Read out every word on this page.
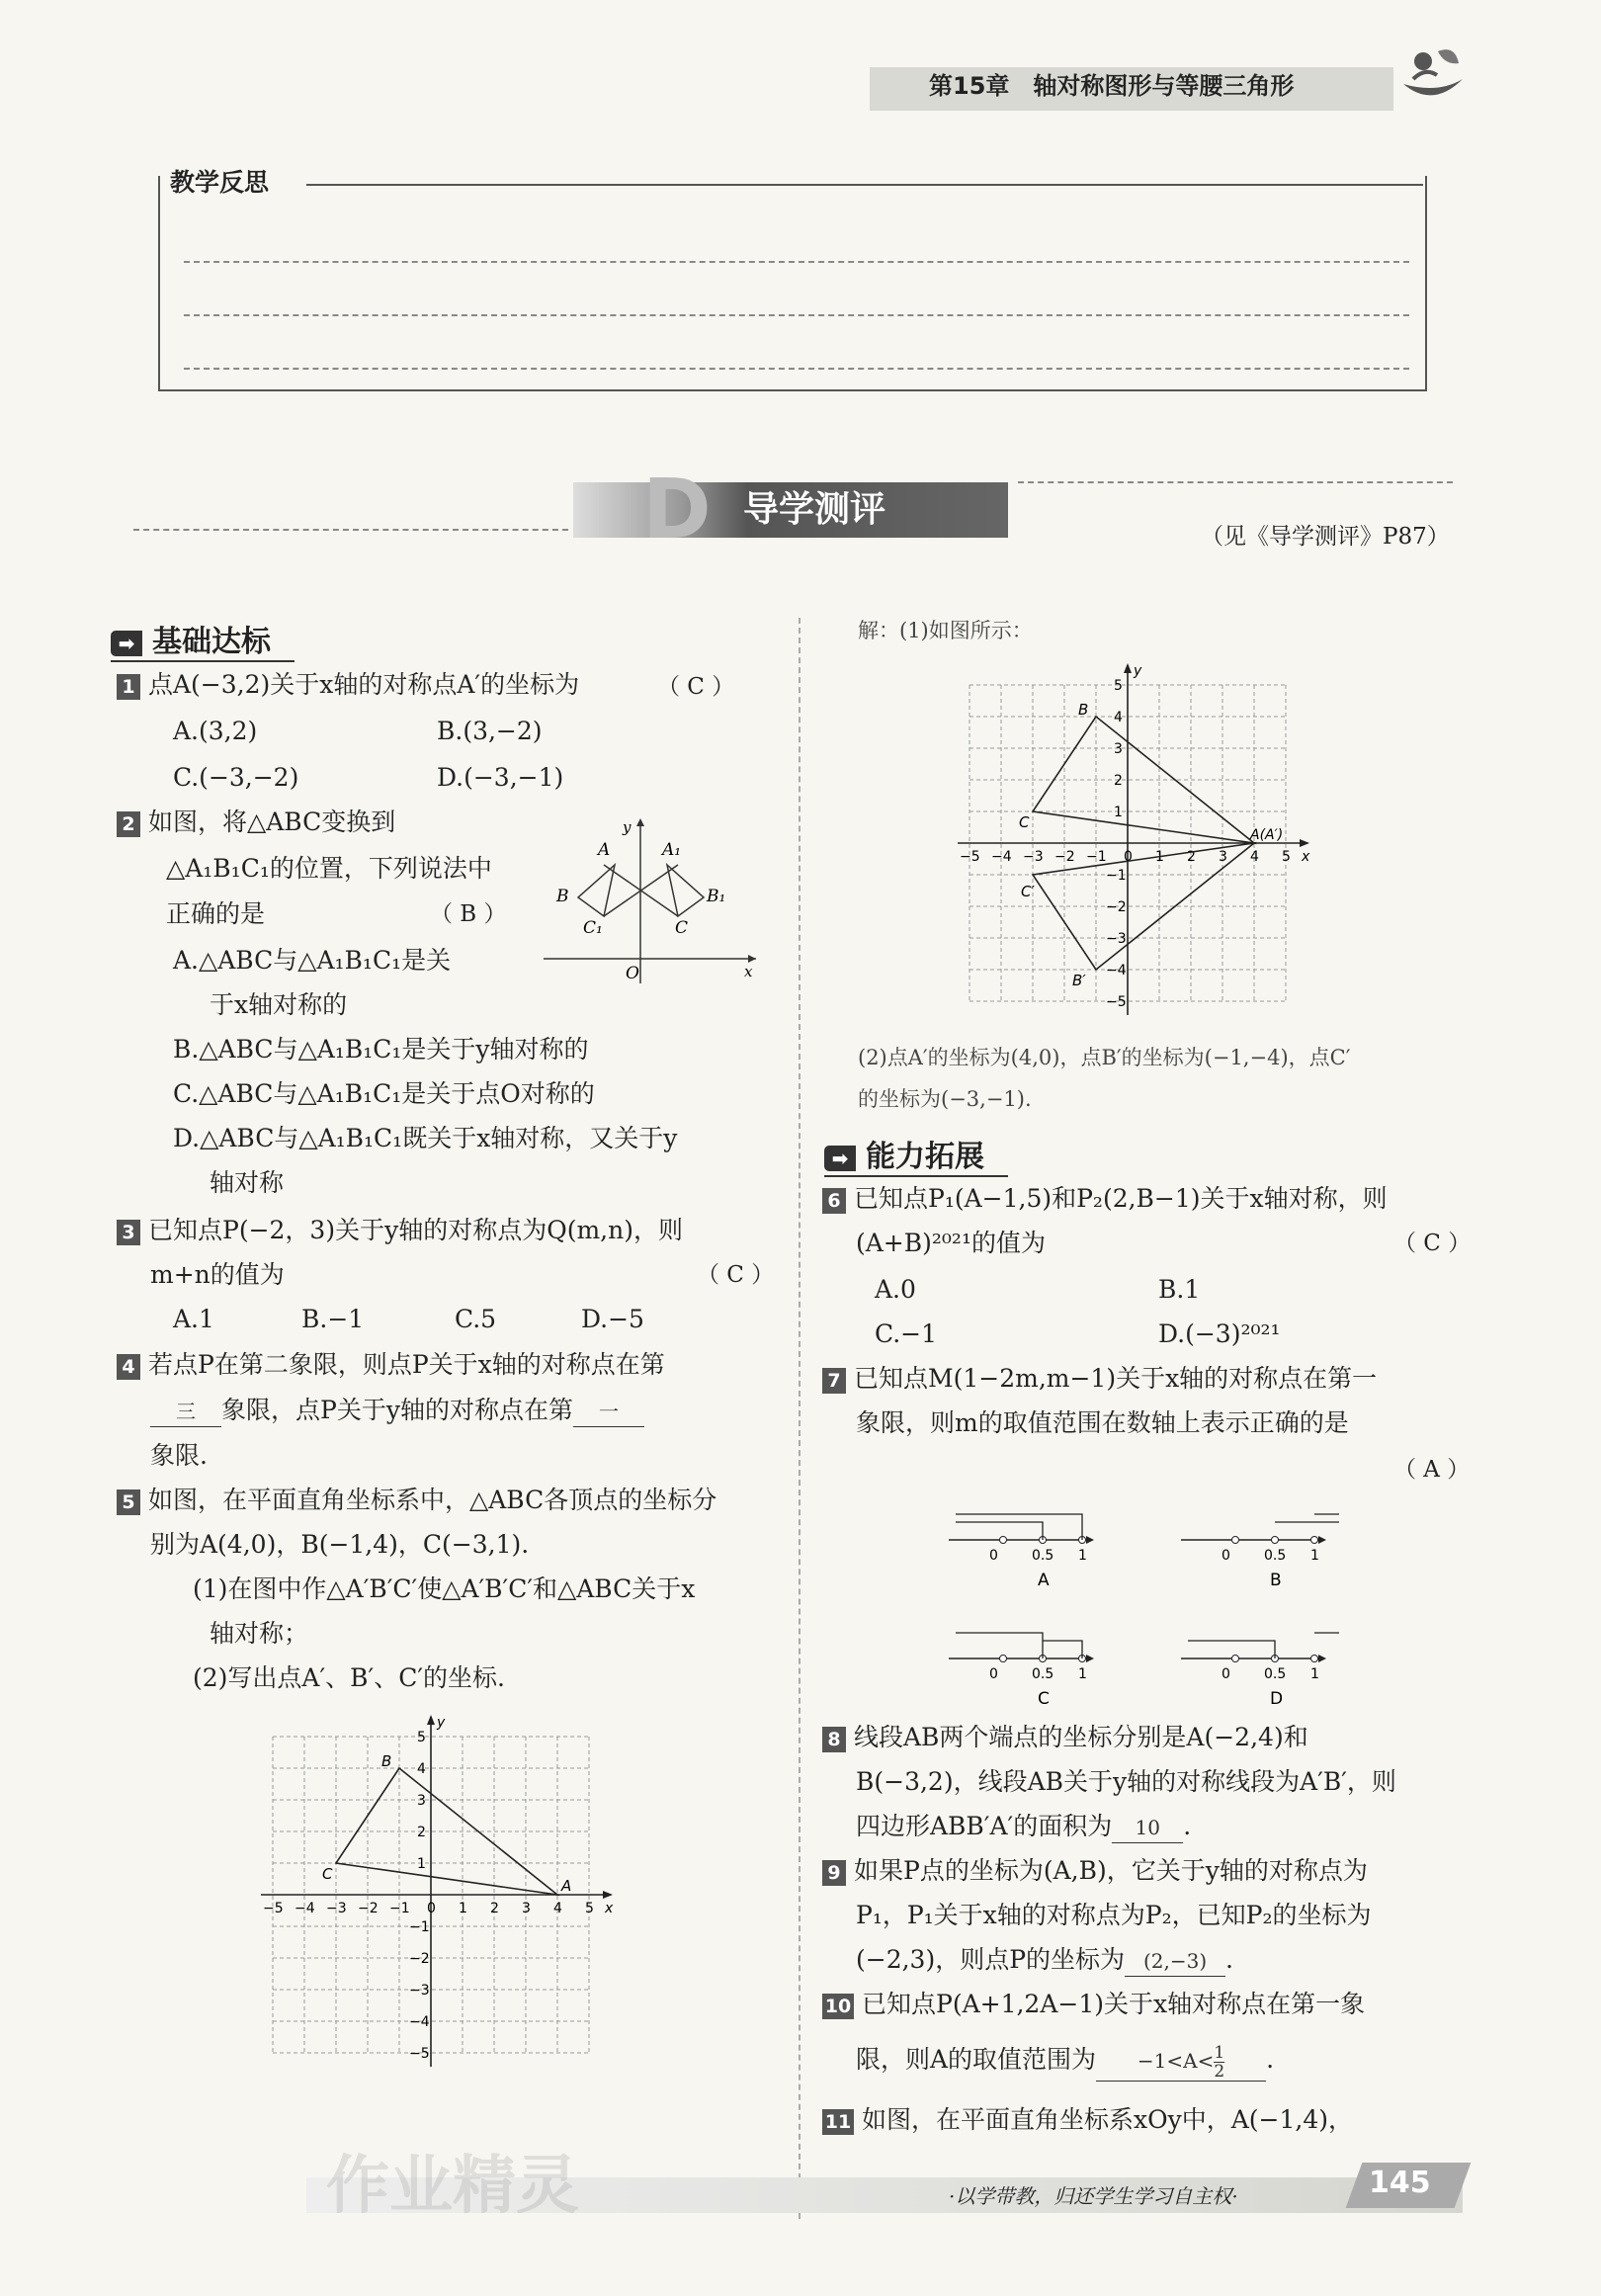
第15章　轴对称图形与等腰三角形
教学反思
D 导学测评
（见《导学测评》P87）
➡ 基础达标
1 点A(−3,2)关于x轴的对称点A′的坐标为	（ C ）
A.(3,2)	B.(3,−2)
C.(−3,−2)	D.(−3,−1)
2 如图，将△ABC变换到
△A₁B₁C₁的位置，下列说法中
正确的是	（ B ）
A	A₁
B	B₁
C₁	C
O	x
y
A.△ABC与△A₁B₁C₁是关
于x轴对称的
B.△ABC与△A₁B₁C₁是关于y轴对称的
C.△ABC与△A₁B₁C₁是关于点O对称的
D.△ABC与△A₁B₁C₁既关于x轴对称，又关于y
轴对称
3 已知点P(−2，3)关于y轴的对称点为Q(m,n)，则
m+n的值为	（ C ）
A.1	B.−1	C.5	D.−5
4 若点P在第二象限，则点P关于x轴的对称点在第
三 象限，点P关于y轴的对称点在第 一
象限.
5 如图，在平面直角坐标系中，△ABC各顶点的坐标分
别为A(4,0)，B(−1,4)，C(−3,1).
(1)在图中作△A′B′C′使△A′B′C′和△ABC关于x
轴对称；
(2)写出点A′、B′、C′的坐标.
x
y
−5 −4 −3 −2 −1 0 1 2 3 4 5
5
4
3
2
1
−1
−2
−3
−4
−5
A
B
C
解：(1)如图所示：
x
y
−5 −4 −3 −2 −1 0 1 2 3 4 5
5
4
3
2
1
−1
−2
−3
−4
−5
A(A′)
B
C
B′
C′
(2)点A′的坐标为(4,0)，点B′的坐标为(−1,−4)，点C′
的坐标为(−3,−1).
➡ 能力拓展
6 已知点P₁(A−1,5)和P₂(2,B−1)关于x轴对称，则
(A+B)²⁰²¹的值为	（ C ）
A.0	B.1
C.−1	D.(−3)²⁰²¹
7 已知点M(1−2m,m−1)关于x轴的对称点在第一
象限，则m的取值范围在数轴上表示正确的是
（ A ）
0 0.5 1
A
0 0.5 1
B
0 0.5 1
C
0 0.5 1
D
8 线段AB两个端点的坐标分别是A(−2,4)和
B(−3,2)，线段AB关于y轴的对称线段为A′B′，则
四边形ABB′A′的面积为 10 .
9 如果P点的坐标为(A,B)，它关于y轴的对称点为
P₁，P₁关于x轴的对称点为P₂，已知P₂的坐标为
(−2,3)，则点P的坐标为 (2,−3) .
10 已知点P(A+1,2A−1)关于x轴对称点在第一象
限，则A的取值范围为 $-1<A< \frac{1}{2}$ .
11 如图，在平面直角坐标系xOy中，A(−1,4)，
·以学带教，归还学生学习自主权·	145
作业精灵
